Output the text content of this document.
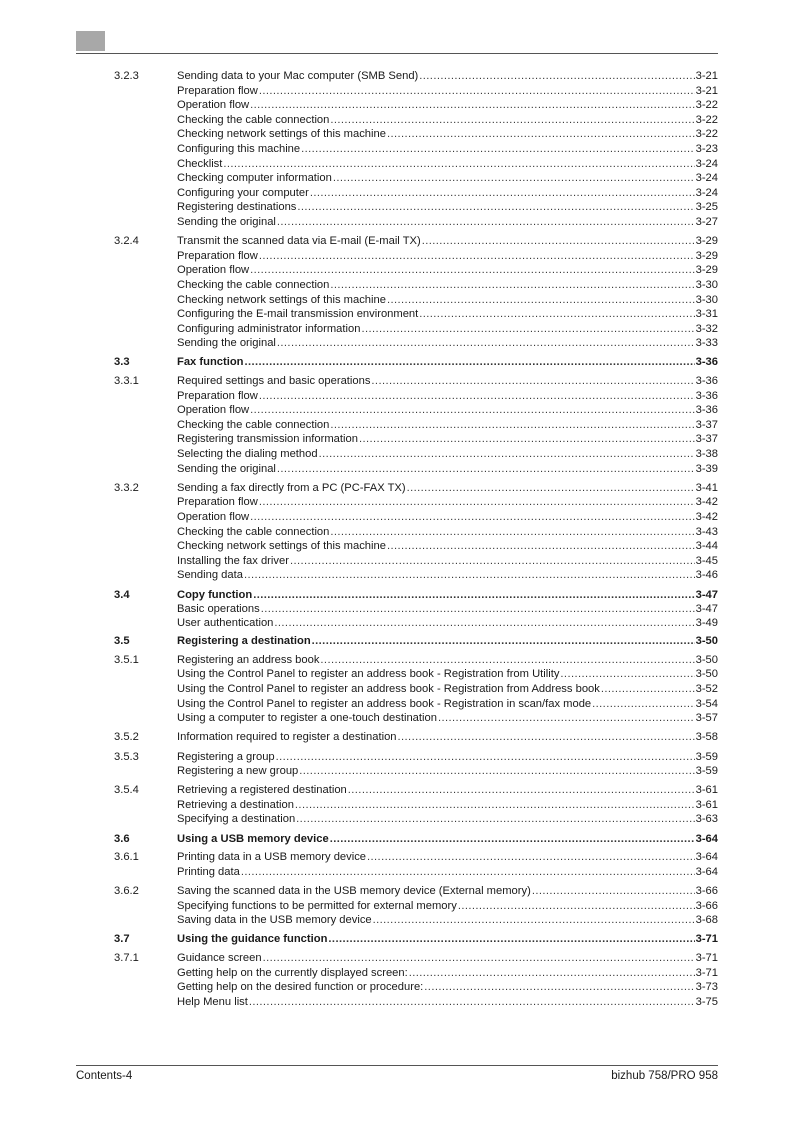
3.2.3	Sending data to your Mac computer (SMB Send) .....	3-21
Preparation flow .....	3-21
Operation flow .....	3-22
Checking the cable connection .....	3-22
Checking network settings of this machine .....	3-22
Configuring this machine .....	3-23
Checklist .....	3-24
Checking computer information .....	3-24
Configuring your computer .....	3-24
Registering destinations .....	3-25
Sending the original .....	3-27
3.2.4	Transmit the scanned data via E-mail (E-mail TX) .....	3-29
Preparation flow .....	3-29
Operation flow .....	3-29
Checking the cable connection .....	3-30
Checking network settings of this machine .....	3-30
Configuring the E-mail transmission environment .....	3-31
Configuring administrator information .....	3-32
Sending the original .....	3-33
3.3	Fax function .....	3-36
3.3.1	Required settings and basic operations .....	3-36
Preparation flow .....	3-36
Operation flow .....	3-36
Checking the cable connection .....	3-37
Registering transmission information .....	3-37
Selecting the dialing method .....	3-38
Sending the original .....	3-39
3.3.2	Sending a fax directly from a PC (PC-FAX TX) .....	3-41
Preparation flow .....	3-42
Operation flow .....	3-42
Checking the cable connection .....	3-43
Checking network settings of this machine .....	3-44
Installing the fax driver .....	3-45
Sending data .....	3-46
3.4	Copy function .....	3-47
Basic operations .....	3-47
User authentication .....	3-49
3.5	Registering a destination .....	3-50
3.5.1	Registering an address book .....	3-50
Using the Control Panel to register an address book - Registration from Utility .....	3-50
Using the Control Panel to register an address book - Registration from Address book .....	3-52
Using the Control Panel to register an address book - Registration in scan/fax mode .....	3-54
Using a computer to register a one-touch destination .....	3-57
3.5.2	Information required to register a destination .....	3-58
3.5.3	Registering a group .....	3-59
Registering a new group .....	3-59
3.5.4	Retrieving a registered destination .....	3-61
Retrieving a destination .....	3-61
Specifying a destination .....	3-63
3.6	Using a USB memory device .....	3-64
3.6.1	Printing data in a USB memory device .....	3-64
Printing data .....	3-64
3.6.2	Saving the scanned data in the USB memory device (External memory) .....	3-66
Specifying functions to be permitted for external memory .....	3-66
Saving data in the USB memory device .....	3-68
3.7	Using the guidance function .....	3-71
3.7.1	Guidance screen .....	3-71
Getting help on the currently displayed screen: .....	3-71
Getting help on the desired function or procedure: .....	3-73
Help Menu list .....	3-75
Contents-4	bizhub 758/PRO 958
